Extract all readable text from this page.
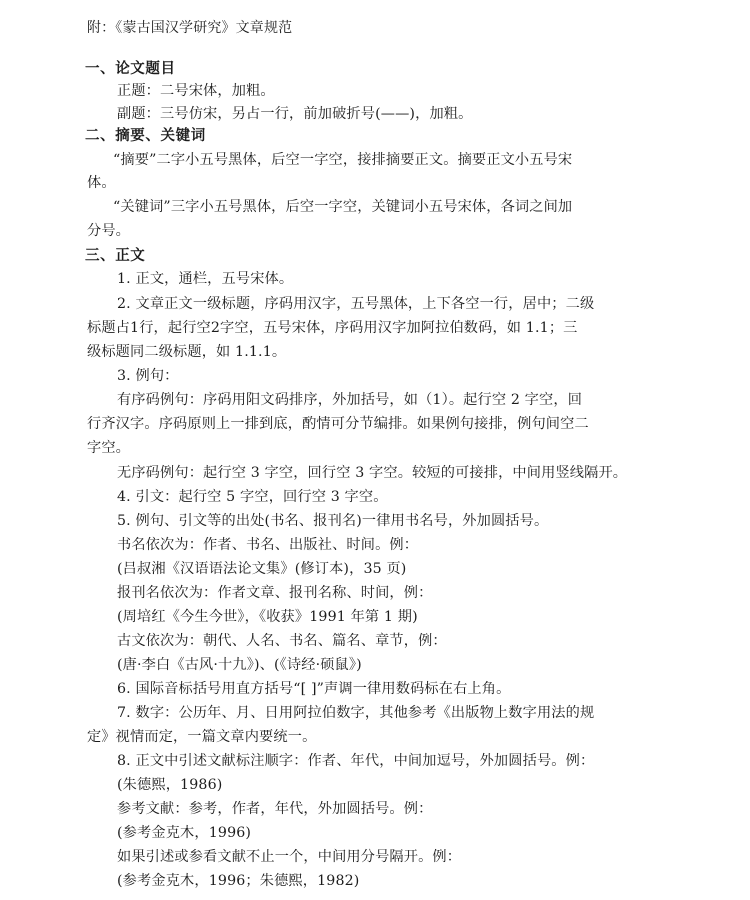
附：《蒙古国汉学研究》文章规范
一、论文题目
正题：二号宋体，加粗。
副题：三号仿宋，另占一行，前加破折号(——)，加粗。
二、摘要、关键词
“摘要”二字小五号黑体，后空一字空，接排摘要正文。摘要正文小五号宋
体。
“关键词”三字小五号黑体，后空一字空，关键词小五号宋体，各词之间加
分号。
三、正文
1. 正文，通栏，五号宋体。
2. 文章正文一级标题，序码用汉字，五号黑体，上下各空一行，居中；二级
标题占1行，起行空2字空，五号宋体，序码用汉字加阿拉伯数码，如 1.1；三
级标题同二级标题，如 1.1.1。
3. 例句：
有序码例句：序码用阳文码排序，外加括号，如（1）。起行空 2 字空，回
行齐汉字。序码原则上一排到底，酌情可分节编排。如果例句接排，例句间空二
字空。
无序码例句：起行空 3 字空，回行空 3 字空。较短的可接排，中间用竖线隔开。
4. 引文：起行空 5 字空，回行空 3 字空。
5. 例句、引文等的出处(书名、报刊名)一律用书名号，外加圆括号。
书名依次为：作者、书名、出版社、时间。例：
(吕叔湘《汉语语法论文集》(修订本)，35 页)
报刊名依次为：作者文章、报刊名称、时间，例：
(周培红《今生今世》，《收获》1991 年第 1 期)
古文依次为：朝代、人名、书名、篇名、章节，例：
(唐·李白《古风·十九》)、(《诗经·硕鼠》)
6. 国际音标括号用直方括号“[ ]”声调一律用数码标在右上角。
7. 数字：公历年、月、日用阿拉伯数字，其他参考《出版物上数字用法的规
定》视情而定，一篇文章内要统一。
8. 正文中引述文献标注顺字：作者、年代，中间加逗号，外加圆括号。例：
(朱德熙，1986)
参考文献：参考，作者，年代，外加圆括号。例：
(参考金克木，1996)
如果引述或参看文献不止一个，中间用分号隔开。例：
(参考金克木，1996；朱德熙，1982)
